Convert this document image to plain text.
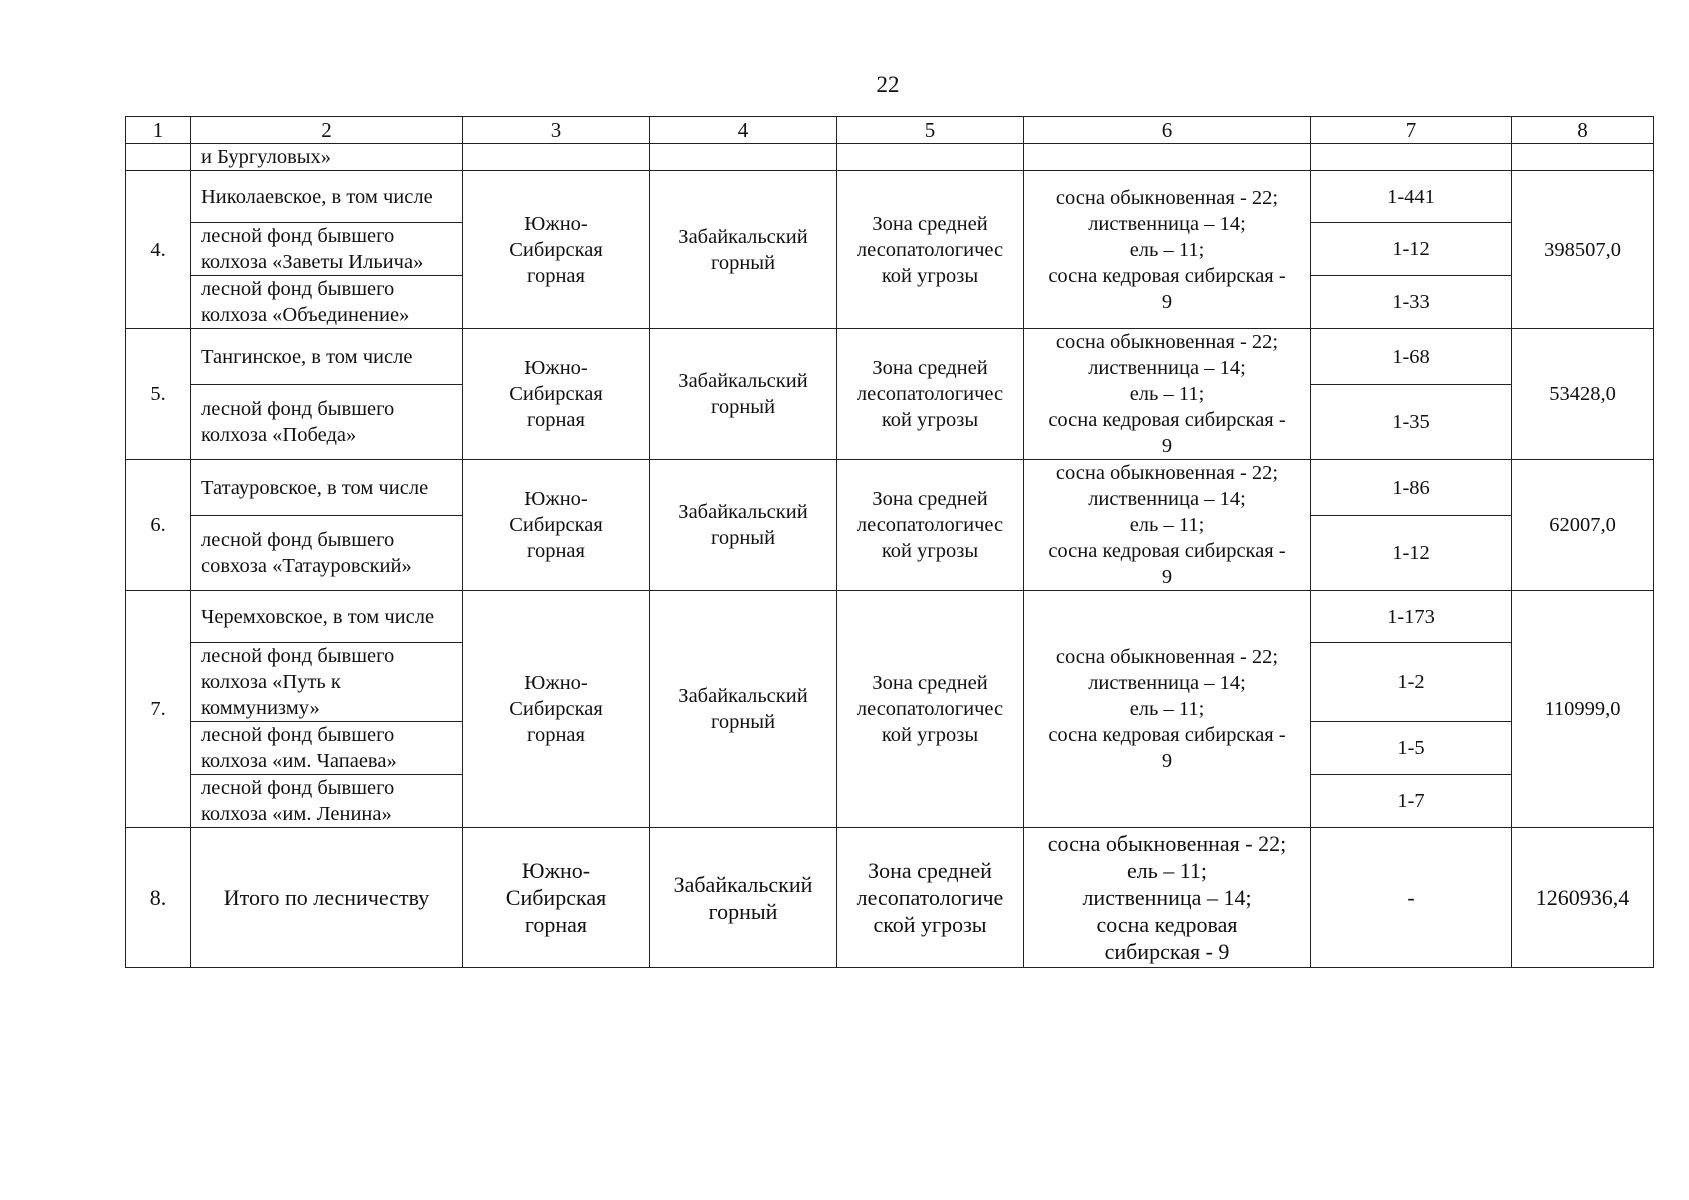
22
1	2	3	4	5	6	7	8
	и Бургуловых»						
4.	Николаевское, в том числе	Южно-
Сибирская
горная	Забайкальский
горный	Зона средней
лесопатологичес
кой угрозы	сосна обыкновенная - 22;
лиственница – 14;
ель – 11;
сосна кедровая сибирская -
9	1-441	398507,0
	лесной фонд бывшего колхоза «Заветы Ильича»					1-12	
	лесной фонд бывшего колхоза «Объединение»					1-33	
5.	Тангинское, в том числе	Южно-
Сибирская
горная	Забайкальский
горный	Зона средней
лесопатологичес
кой угрозы	сосна обыкновенная - 22;
лиственница – 14;
ель – 11;
сосна кедровая сибирская -
9	1-68	53428,0
	лесной фонд бывшего колхоза «Победа»					1-35	
6.	Татауровское, в том числе	Южно-
Сибирская
горная	Забайкальский
горный	Зона средней
лесопатологичес
кой угрозы	сосна обыкновенная - 22;
лиственница – 14;
ель – 11;
сосна кедровая сибирская -
9	1-86	62007,0
	лесной фонд бывшего совхоза «Татауровский»					1-12	
7.	Черемховское, в том числе	Южно-
Сибирская
горная	Забайкальский
горный	Зона средней
лесопатологичес
кой угрозы	сосна обыкновенная - 22;
лиственница – 14;
ель – 11;
сосна кедровая сибирская -
9	1-173	110999,0
	лесной фонд бывшего колхоза «Путь к коммунизму»					1-2	
	лесной фонд бывшего колхоза «им. Чапаева»					1-5	
	лесной фонд бывшего колхоза «им. Ленина»					1-7	
8.	Итого по лесничеству	Южно-
Сибирская
горная	Забайкальский
горный	Зона средней
лесопатологиче
ской угрозы	сосна обыкновенная - 22;
ель – 11;
лиственница – 14;
сосна кедровая
сибирская - 9	-	1260936,4
